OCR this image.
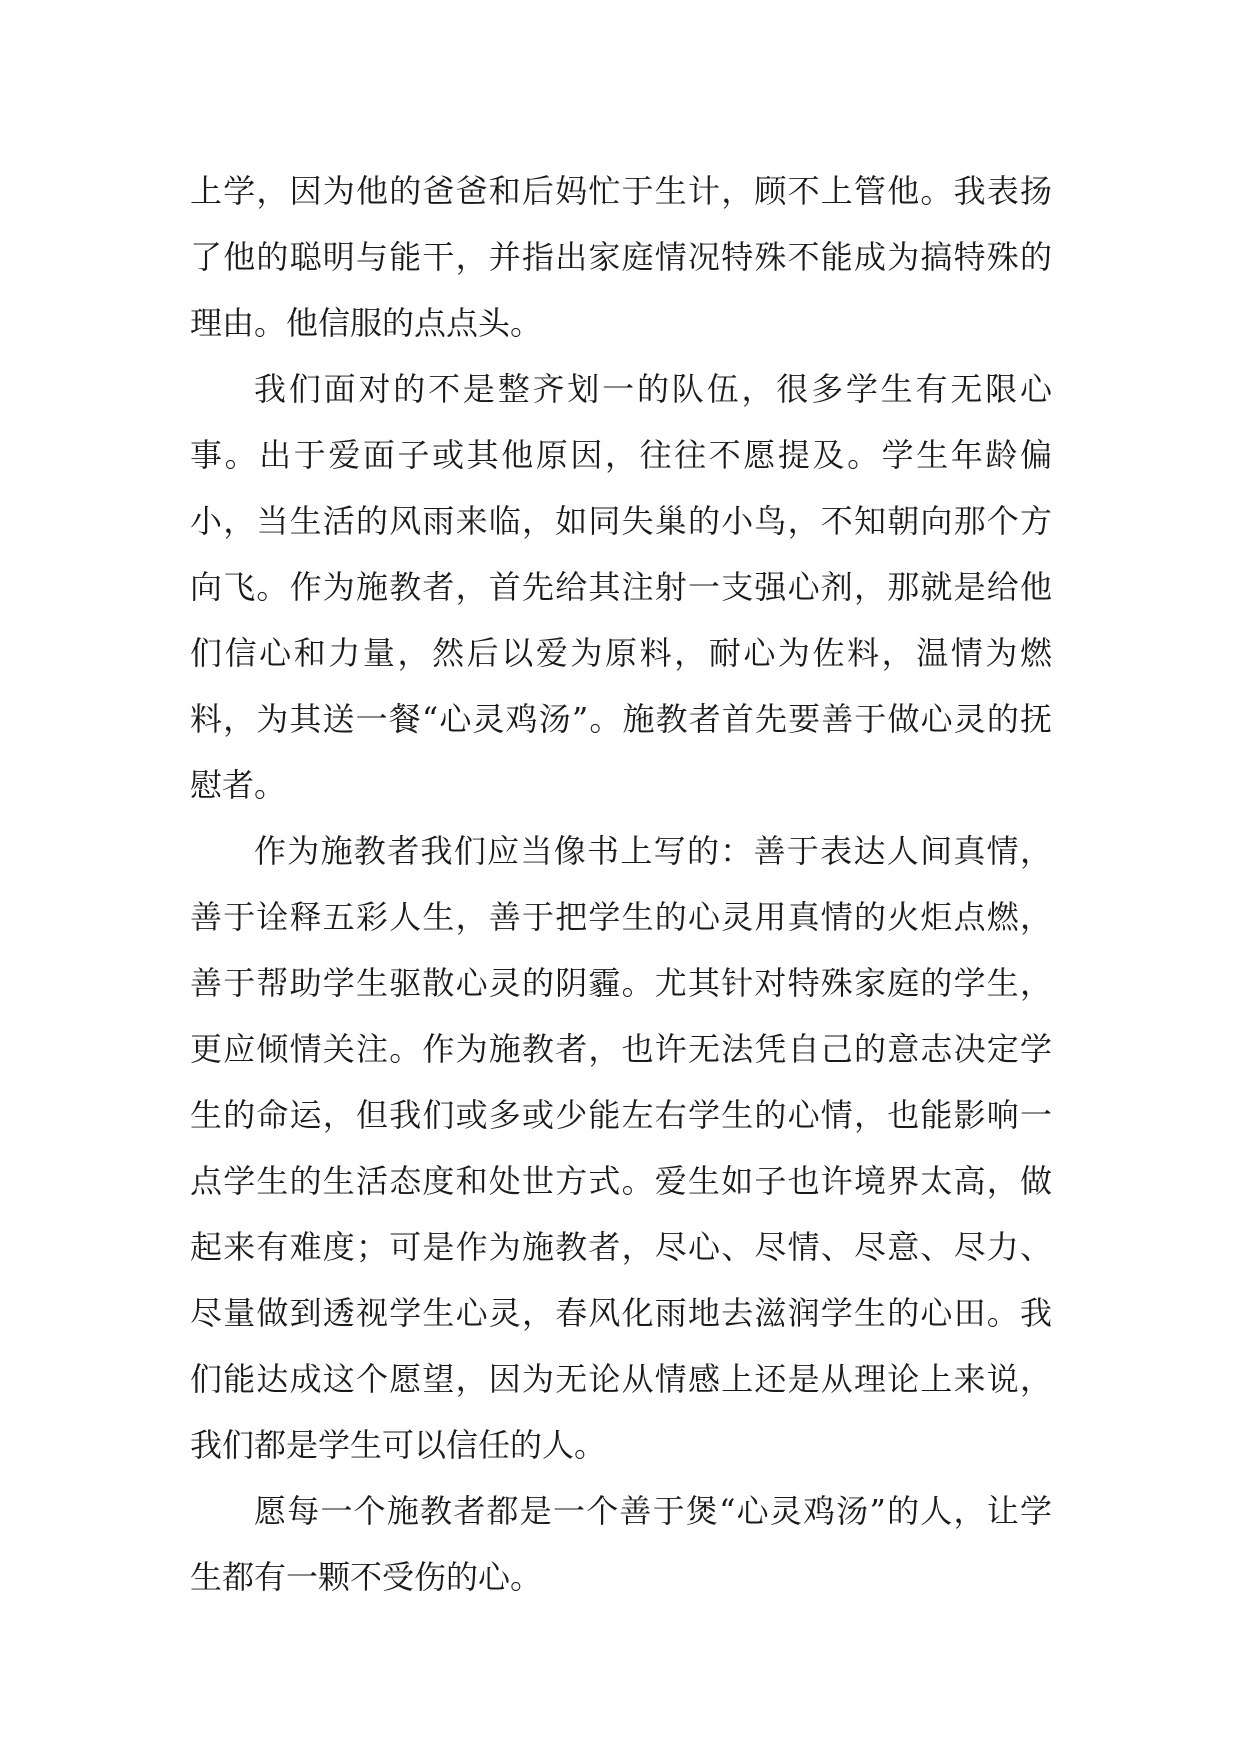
上学，因为他的爸爸和后妈忙于生计，顾不上管他。我表扬了他的聪明与能干，并指出家庭情况特殊不能成为搞特殊的理由。他信服的点点头。

我们面对的不是整齐划一的队伍，很多学生有无限心事。出于爱面子或其他原因，往往不愿提及。学生年龄偏小，当生活的风雨来临，如同失巢的小鸟，不知朝向那个方向飞。作为施教者，首先给其注射一支强心剂，那就是给他们信心和力量，然后以爱为原料，耐心为佐料，温情为燃料，为其送一餐“心灵鸡汤”。施教者首先要善于做心灵的抚慰者。

作为施教者我们应当像书上写的：善于表达人间真情，善于诠释五彩人生，善于把学生的心灵用真情的火炬点燃，善于帮助学生驱散心灵的阴霾。尤其针对特殊家庭的学生，更应倾情关注。作为施教者，也许无法凭自己的意志决定学生的命运，但我们或多或少能左右学生的心情，也能影响一点学生的生活态度和处世方式。爱生如子也许境界太高，做起来有难度；可是作为施教者，尽心、尽情、尽意、尽力、尽量做到透视学生心灵，春风化雨地去滋润学生的心田。我们能达成这个愿望，因为无论从情感上还是从理论上来说，我们都是学生可以信任的人。

愿每一个施教者都是一个善于煲“心灵鸡汤”的人，让学生都有一颗不受伤的心。
